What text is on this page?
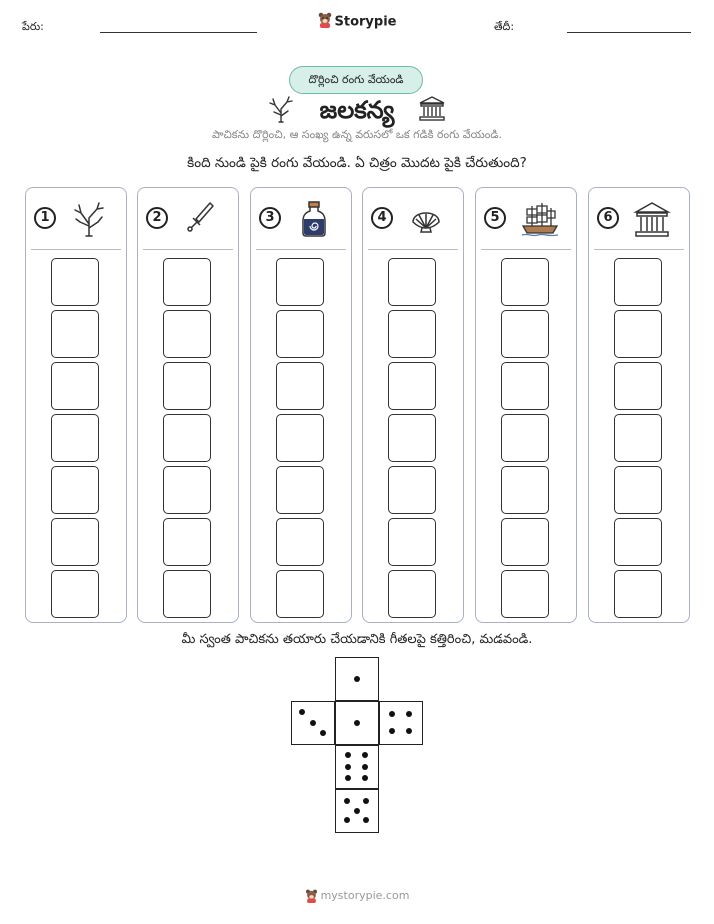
పేరు:	Storypie	తేదీ:
దొర్లించి రంగు వేయండి
జలకన్య
పాచికను దొర్లించి, ఆ సంఖ్య ఉన్న వరుసలో ఒక గడికి రంగు వేయండి.
కింది నుండి పైకి రంగు వేయండి. ఏ చిత్రం మొదట పైకి చేరుతుంది?
1	2	3	4	5	6
మీ స్వంత పాచికను తయారు చేయడానికి గీతలపై కత్తిరించి, మడవండి.
mystorypie.com
